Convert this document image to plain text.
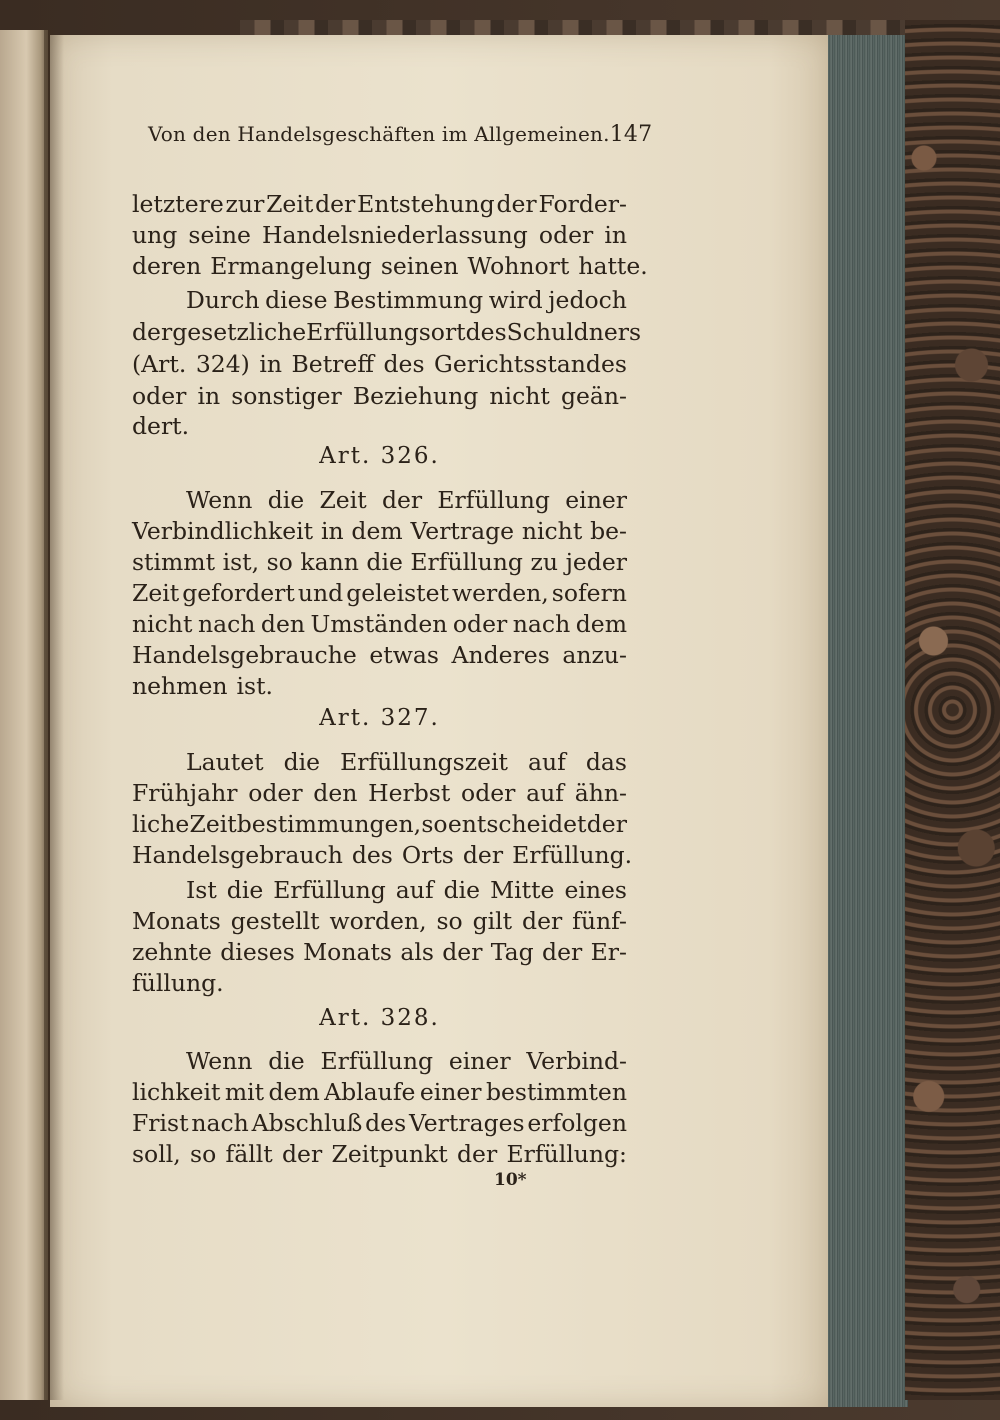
Von den Handelsgeschäften im Allgemeinen. 147
letztere zur Zeit der Entstehung der Forder-
ung seine Handelsniederlassung oder in
deren Ermangelung seinen Wohnort hatte.
Durch diese Bestimmung wird jedoch
der gesetzliche Erfüllungsort des Schuldners
(Art. 324) in Betreff des Gerichtsstandes
oder in sonstiger Beziehung nicht geän-
dert.
Art. 326.
Wenn die Zeit der Erfüllung einer
Verbindlichkeit in dem Vertrage nicht be-
stimmt ist, so kann die Erfüllung zu jeder
Zeit gefordert und geleistet werden, sofern
nicht nach den Umständen oder nach dem
Handelsgebrauche etwas Anderes anzu-
nehmen ist.
Art. 327.
Lautet die Erfüllungszeit auf das
Frühjahr oder den Herbst oder auf ähn-
liche Zeitbestimmungen, so entscheidet der
Handelsgebrauch des Orts der Erfüllung.
Ist die Erfüllung auf die Mitte eines
Monats gestellt worden, so gilt der fünf-
zehnte dieses Monats als der Tag der Er-
füllung.
Art. 328.
Wenn die Erfüllung einer Verbind-
lichkeit mit dem Ablaufe einer bestimmten
Frist nach Abschluß des Vertrages erfolgen
soll, so fällt der Zeitpunkt der Erfüllung:
10*
